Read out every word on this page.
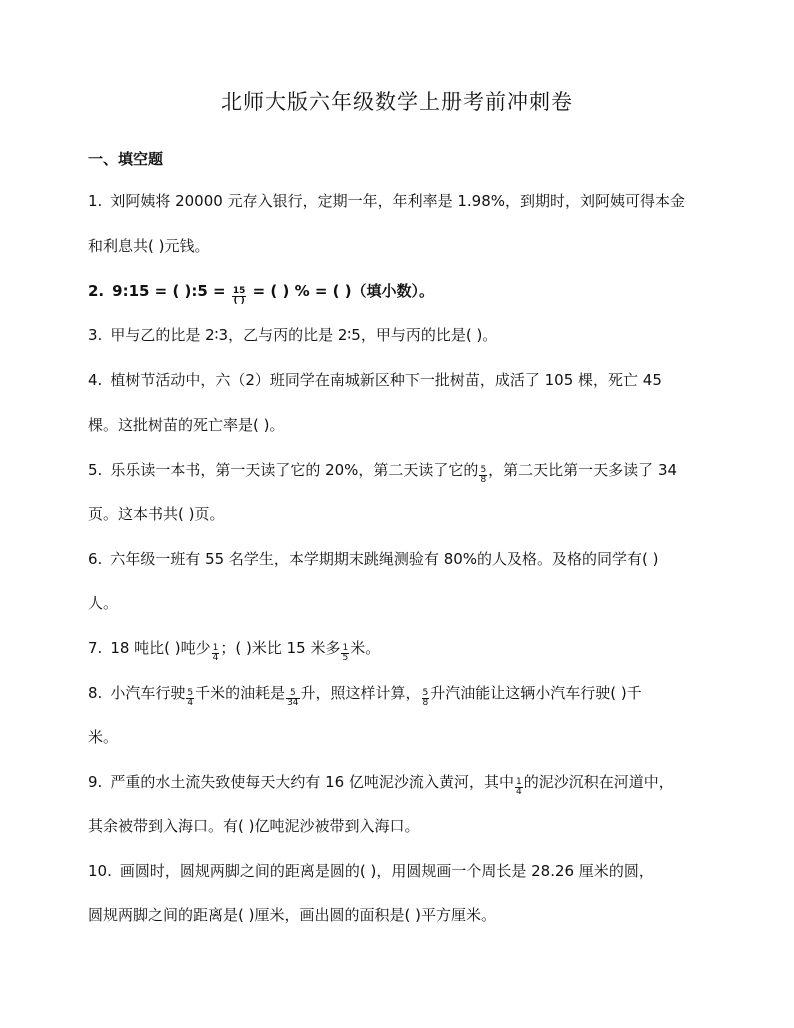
北师大版六年级数学上册考前冲刺卷
一、填空题
1. 刘阿姨将 20000 元存入银行，定期一年，年利率是 1.98%，到期时，刘阿姨可得本金
和利息共( )元钱。
2. 9:15 = ( ):5 = $\frac{15}{( )}$ = ( ) % = ( )（填小数）。
3. 甲与乙的比是 2∶3，乙与丙的比是 2∶5，甲与丙的比是( )。
4. 植树节活动中，六（2）班同学在南城新区种下一批树苗，成活了 105 棵，死亡 45
棵。这批树苗的死亡率是( )。
5. 乐乐读一本书，第一天读了它的 20%，第二天读了它的 $\frac{5}{8}$ ，第二天比第一天多读了 34
页。这本书共( )页。
6. 六年级一班有 55 名学生，本学期期末跳绳测验有 80%的人及格。及格的同学有( )
人。
7. 18 吨比( )吨少 $\frac{1}{4}$ ；( )米比 15 米多 $\frac{1}{5}$ 米。
8. 小汽车行驶 $\frac{5}{4}$ 千米的油耗是 $\frac{5}{34}$ 升，照这样计算， $\frac{5}{8}$ 升汽油能让这辆小汽车行驶( )千
米。
9. 严重的水土流失致使每天大约有 16 亿吨泥沙流入黄河，其中 $\frac{1}{4}$ 的泥沙沉积在河道中，
其余被带到入海口。有( )亿吨泥沙被带到入海口。
10. 画圆时，圆规两脚之间的距离是圆的( )，用圆规画一个周长是 28.26 厘米的圆，
圆规两脚之间的距离是( )厘米，画出圆的面积是( )平方厘米。
